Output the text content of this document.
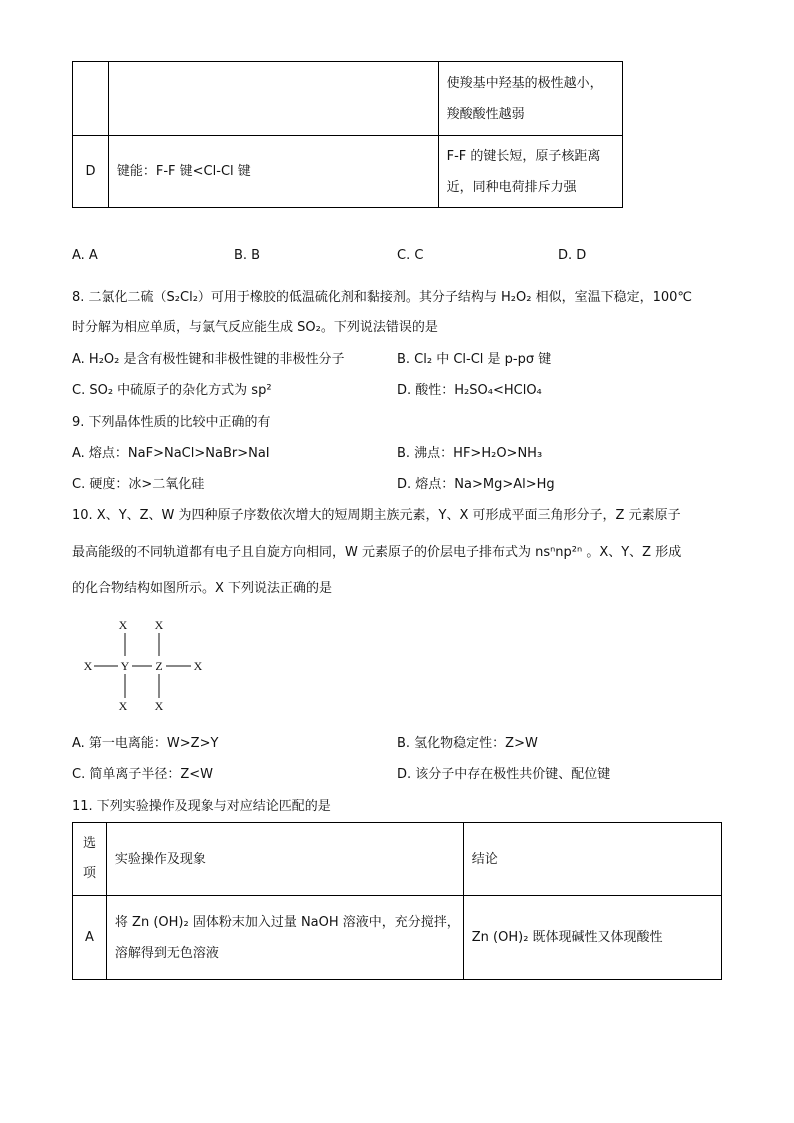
		使羧基中羟基的极性越小，
羧酸酸性越弱

D	键能：F-F 键<Cl-Cl 键	F-F 的键长短，原子核距离
近，同种电荷排斥力强
A. A	B. B	C. C	D. D
8. 二氯化二硫（S₂Cl₂）可用于橡胶的低温硫化剂和黏接剂。其分子结构与 H₂O₂ 相似，室温下稳定，100℃
时分解为相应单质，与氯气反应能生成 SO₂。下列说法错误的是
A. H₂O₂ 是含有极性键和非极性键的非极性分子	B. Cl₂ 中 Cl-Cl 是 p-pσ 键
C. SO₂ 中硫原子的杂化方式为 sp²	D. 酸性：H₂SO₄<HClO₄
9. 下列晶体性质的比较中正确的有
A. 熔点：NaF>NaCl>NaBr>NaI	B. 沸点：HF>H₂O>NH₃
C. 硬度：冰>二氧化硅	D. 熔点：Na>Mg>Al>Hg
10. X、Y、Z、W 为四种原子序数依次增大的短周期主族元素，Y、X 可形成平面三角形分子，Z 元素原子
最高能级的不同轨道都有电子且自旋方向相同，W 元素原子的价层电子排布式为 nsⁿnp²ⁿ 。X、Y、Z 形成
的化合物结构如图所示。X 下列说法正确的是
X X
X Y Z	X
X X
A. 第一电离能：W>Z>Y	B. 氢化物稳定性：Z>W
C. 简单离子半径：Z<W	D. 该分子中存在极性共价键、配位键
11. 下列实验操作及现象与对应结论匹配的是
选
项	实验操作及现象	结论

A	将 Zn (OH)₂ 固体粉末加入过量 NaOH 溶液中，充分搅拌，
溶解得到无色溶液	Zn (OH)₂ 既体现碱性又体现酸性
